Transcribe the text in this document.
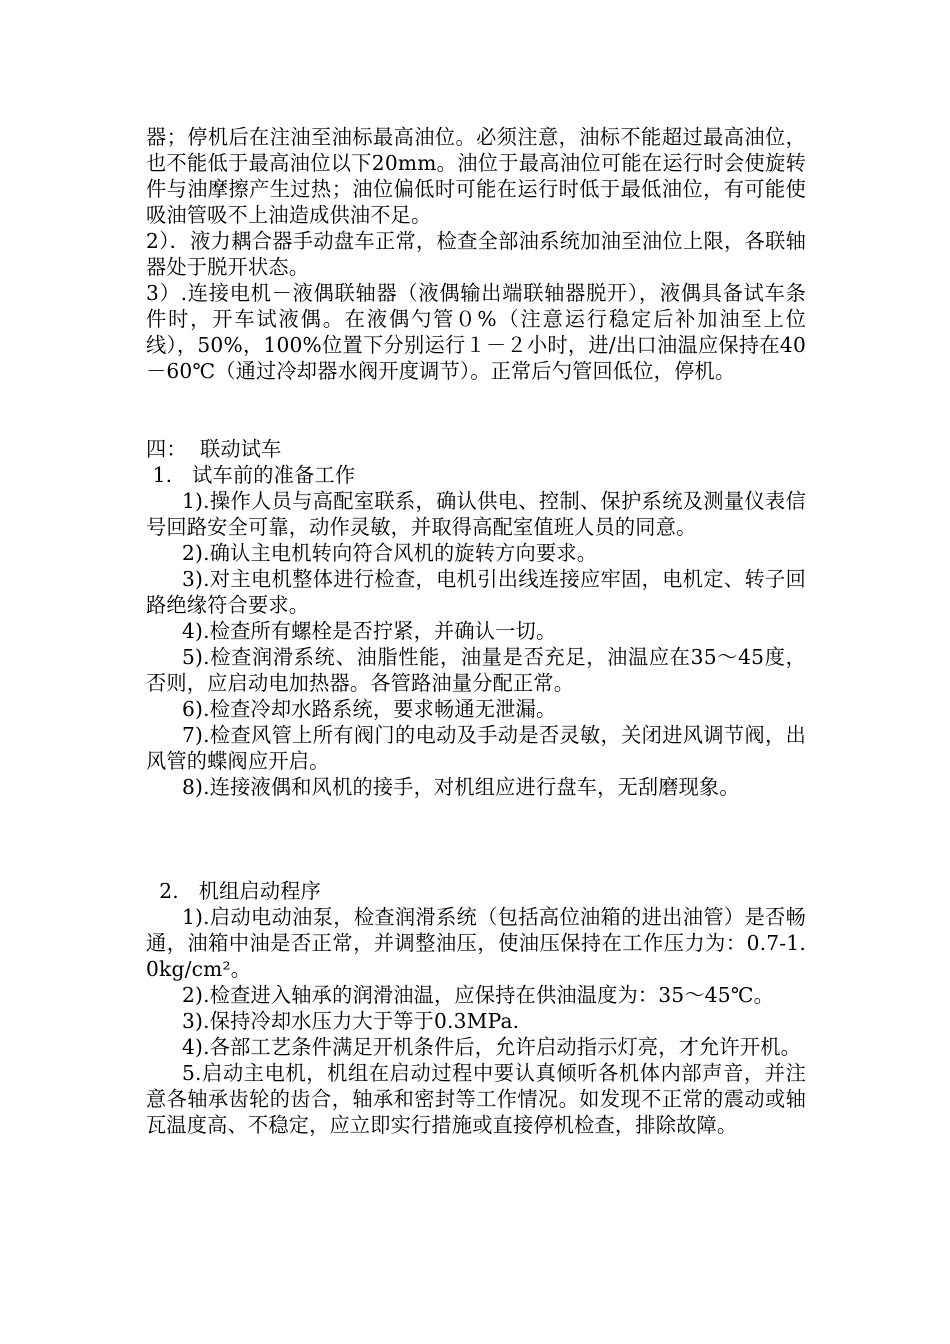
器；停机后在注油至油标最高油位。必须注意，油标不能超过最高油位，也不能低于最高油位以下20mm。油位于最高油位可能在运行时会使旋转件与油摩擦产生过热；油位偏低时可能在运行时低于最低油位，有可能使吸油管吸不上油造成供油不足。

2）．液力耦合器手动盘车正常，检查全部油系统加油至油位上限，各联轴器处于脱开状态。

3）.连接电机－液偶联轴器（液偶输出端联轴器脱开），液偶具备试车条件时，开车试液偶。在液偶勺管０%（注意运行稳定后补加油至上位线），50%，100%位置下分别运行１－２小时，进/出口油温应保持在40－60℃（通过冷却器水阀开度调节）。正常后勺管回低位，停机。

四：  联动试车

1.   试车前的准备工作

1).操作人员与高配室联系，确认供电、控制、保护系统及测量仪表信号回路安全可靠，动作灵敏，并取得高配室值班人员的同意。

2).确认主电机转向符合风机的旋转方向要求。

3).对主电机整体进行检查，电机引出线连接应牢固，电机定、转子回路绝缘符合要求。

4).检查所有螺栓是否拧紧，并确认一切。

5).检查润滑系统、油脂性能，油量是否充足，油温应在35～45度，否则，应启动电加热器。各管路油量分配正常。

6).检查冷却水路系统，要求畅通无泄漏。

7).检查风管上所有阀门的电动及手动是否灵敏，关闭进风调节阀，出风管的蝶阀应开启。

8).连接液偶和风机的接手，对机组应进行盘车，无刮磨现象。

2.   机组启动程序

1).启动电动油泵，检查润滑系统（包括高位油箱的进出油管）是否畅通，油箱中油是否正常，并调整油压，使油压保持在工作压力为：0.7-1.0kg/cm²。

2).检查进入轴承的润滑油温，应保持在供油温度为：35～45℃。

3).保持冷却水压力大于等于0.3MPa.

4).各部工艺条件满足开机条件后，允许启动指示灯亮，才允许开机。

5.启动主电机，机组在启动过程中要认真倾听各机体内部声音，并注意各轴承齿轮的齿合，轴承和密封等工作情况。如发现不正常的震动或轴瓦温度高、不稳定，应立即实行措施或直接停机检查，排除故障。
